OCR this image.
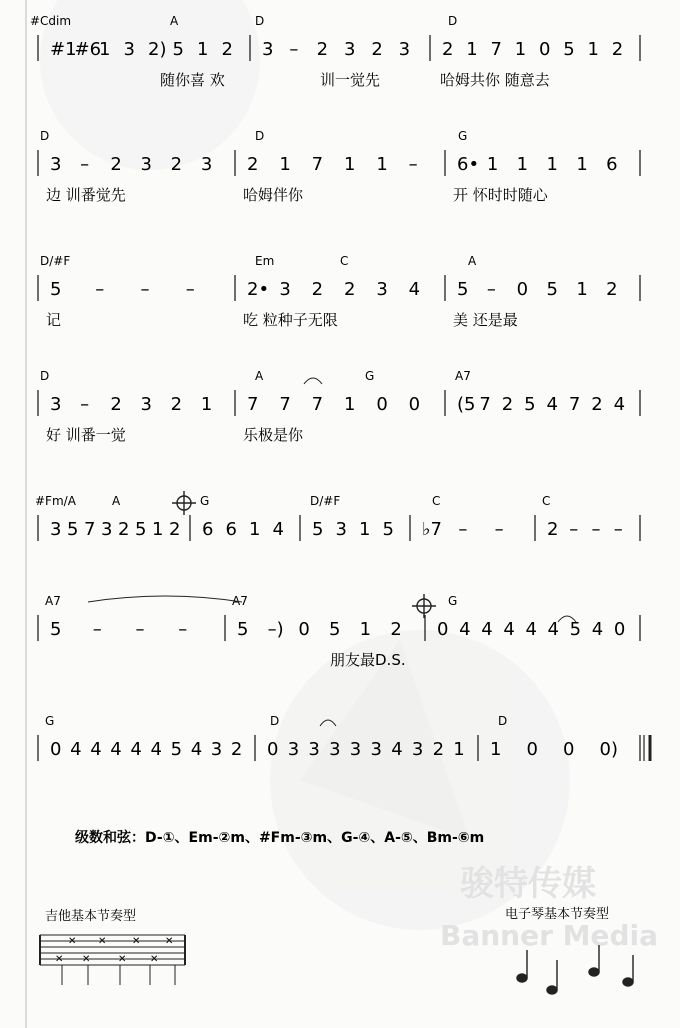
骏特传媒
Banner Media
#Cdim	A	D	D
#1
#6
1 3 2) 5 1 2 3 – 2 3 2 3 2 1 7 1 0 5 1 2
随你喜 欢	训一觉先	哈姆共你 随意去
D	D	G
3 – 2 3 2 3 2 1 7 1 1 – 6• 1 1 1 1 6
边 训番觉先	哈姆伴你	开 怀时时随心
D/#F	Em	C	A
5 – – –	2• 3 2 2 3 4 5 – 0 5 1 2
记	吃 粒种子无限	美 还是最
D	A	G	A7
3 – 2 3 2 1 7 7 7 1 0 0 (5 7 2 5 4 7 2 4
好 训番一觉	乐极是你
#Fm/A	A	G	D/#F	C	C
3 5 7 3 2 5 1 2 6 6 1 4 5 3 1 5 ♭7 – – 2 – – –
A7	A7	G
5 – – –	5 –) 0 5 1 2 0 4 4 4 4 4 5 4 0
朋友最D.S.
G	D	D
0 4 4 4 4 4 5 4 3 2 0 3 3 3 3 3 4 3 2 1 1 0 0 0)
级数和弦：D-①、Em-②m、#Fm-③m、G-④、A-⑤、Bm-⑥m
吉他基本节奏型
✕
✕
✕
✕
✕
✕
✕
✕
电子琴基本节奏型
